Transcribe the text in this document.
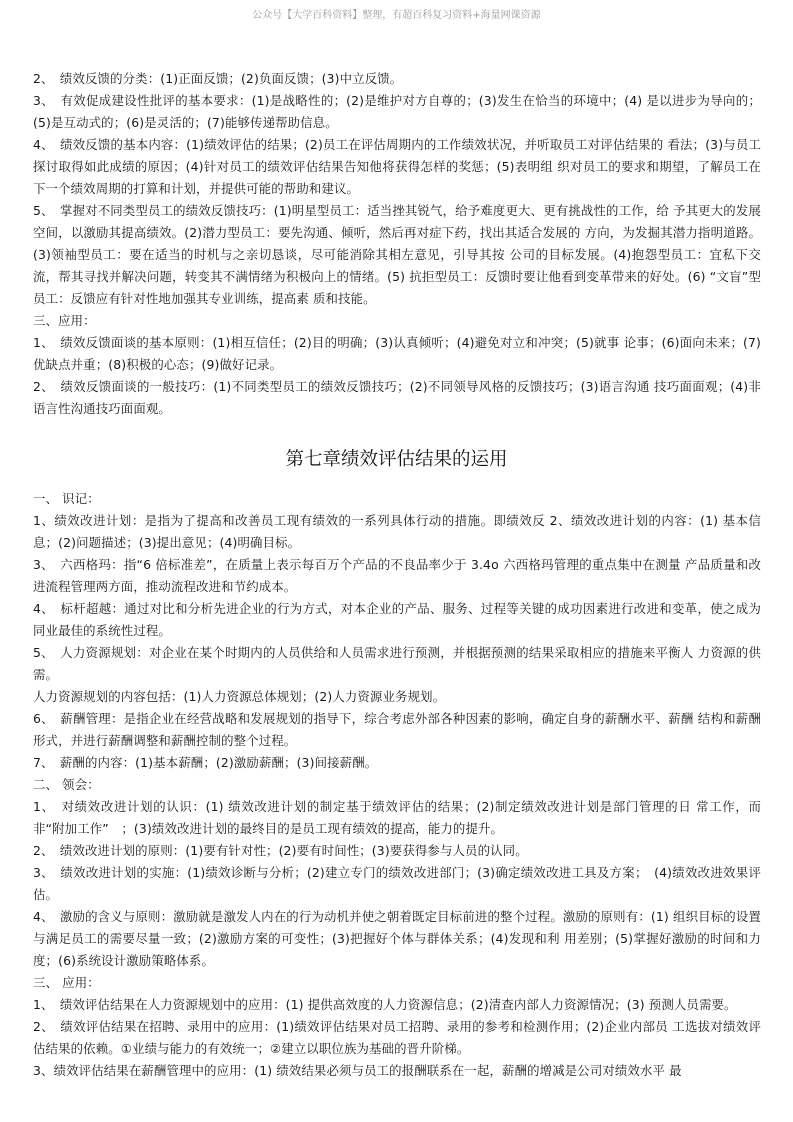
公众号【大学百科资料】整理，有超百科复习资料+海量网课资源

2、　绩效反馈的分类：(1)正面反馈；(2)负面反馈；(3)中立反馈。

3、　有效促成建设性批评的基本要求：(1)是战略性的；(2)是维护对方自尊的；(3)发生在恰当的环境中；(4) 是以进步为导向的；(5)是互动式的；(6)是灵活的；(7)能够传递帮助信息。

4、　绩效反馈的基本内容：(1)绩效评估的结果；(2)员工在评估周期内的工作绩效状况，并听取员工对评估结果的 看法；(3)与员工探讨取得如此成绩的原因；(4)针对员工的绩效评估结果告知他将获得怎样的奖惩；(5)表明组 织对员工的要求和期望，了解员工在下一个绩效周期的打算和计划，并提供可能的帮助和建议。

5、　掌握对不同类型员工的绩效反馈技巧：(1)明星型员工：适当挫其锐气，给予难度更大、更有挑战性的工作，给 予其更大的发展空间，以激励其提高绩效。(2)潜力型员工：要先沟通、倾听，然后再对症下药，找出其适合发展的 方向，为发掘其潜力指明道路。(3)领袖型员工：要在适当的时机与之亲切恳谈，尽可能消除其相左意见，引导其按 公司的目标发展。(4)抱怨型员工：宜私下交流，帮其寻找并解决问题，转变其不满情绪为积极向上的情绪。(5) 抗拒型员工：反馈时要让他看到变革带来的好处。(6) “文盲”型员工：反馈应有针对性地加强其专业训练，提高素 质和技能。

三、应用：

1、　绩效反馈面谈的基本原则：(1)相互信任；(2)目的明确；(3)认真倾听；(4)避免对立和冲突；(5)就事 论事；(6)面向未来；(7)优缺点并重；(8)积极的心态；(9)做好记录。

2、　绩效反馈面谈的一般技巧：(1)不同类型员工的绩效反馈技巧；(2)不同领导风格的反馈技巧；(3)语言沟通 技巧面面观；(4)非语言性沟通技巧面面观。

第七章绩效评估结果的运用

一、 识记：

1、绩效改进计划：是指为了提高和改善员工现有绩效的一系列具体行动的措施。即绩效反 2、绩效改进计划的内容：(1) 基本信息；(2)问题描述；(3)提出意见；(4)明确目标。

3、　六西格玛：指“6 倍标准差”，在质量上表示每百万个产品的不良品率少于 3.4o 六西格玛管理的重点集中在测量 产品质量和改进流程管理两方面，推动流程改进和节约成本。

4、　标杆超越：通过对比和分析先进企业的行为方式，对本企业的产品、服务、过程等关键的成功因素进行改进和变革，使之成为同业最佳的系统性过程。

5、　人力资源规划：对企业在某个时期内的人员供给和人员需求进行预测，并根据预测的结果采取相应的措施来平衡人 力资源的供需。

人力资源规划的内容包括：(1)人力资源总体规划；(2)人力资源业务规划。

6、　薪酬管理：是指企业在经营战略和发展规划的指导下，综合考虑外部各种因素的影响，确定自身的薪酬水平、薪酬 结构和薪酬形式，并进行薪酬调整和薪酬控制的整个过程。

7、　薪酬的内容：(1)基本薪酬；(2)激励薪酬；(3)间接薪酬。

二、 领会：

1、　对绩效改进计划的认识：(1) 绩效改进计划的制定基于绩效评估的结果；(2)制定绩效改进计划是部门管理的日 常工作，而非“附加工作”　；(3)绩效改进计划的最终目的是员工现有绩效的提高，能力的提升。

2、　绩效改进计划的原则：(1)要有针对性；(2)要有时间性；(3)要获得参与人员的认同。

3、　绩效改进计划的实施：(1)绩效诊断与分析；(2)建立专门的绩效改进部门；(3)确定绩效改进工具及方案；　(4)绩效改进效果评估。

4、　激励的含义与原则：激励就是激发人内在的行为动机并使之朝着既定目标前进的整个过程。激励的原则有：(1) 组织目标的设置与满足员工的需要尽量一致；(2)激励方案的可变性；(3)把握好个体与群体关系；(4)发现和利 用差别；(5)掌握好激励的时间和力度；(6)系统设计激励策略体系。

三、 应用：

1、　绩效评估结果在人力资源规划中的应用：(1) 提供高效度的人力资源信息；(2)清查内部人力资源情况；(3) 预测人员需要。

2、　绩效评估结果在招聘、录用中的应用：(1)绩效评估结果对员工招聘、录用的参考和检测作用；(2)企业内部员 工选拔对绩效评估结果的依赖。①业绩与能力的有效统一；②建立以职位族为基础的晋升阶梯。

3、绩效评估结果在薪酬管理中的应用：(1) 绩效结果必须与员工的报酬联系在一起，薪酬的增减是公司对绩效水平 最
